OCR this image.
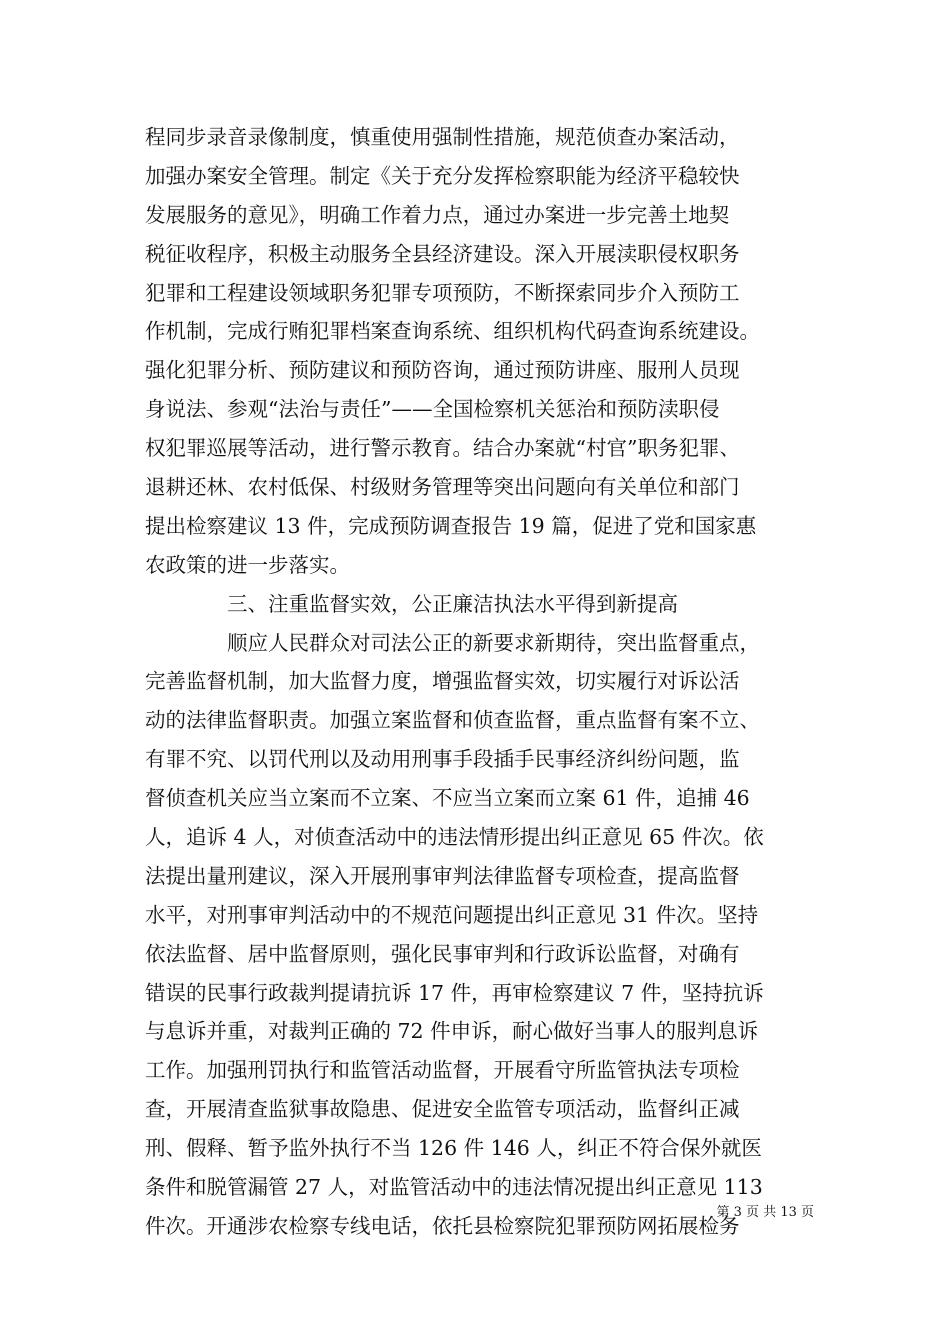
程同步录音录像制度，慎重使用强制性措施，规范侦查办案活动，
加强办案安全管理。制定《关于充分发挥检察职能为经济平稳较快
发展服务的意见》，明确工作着力点，通过办案进一步完善土地契
税征收程序，积极主动服务全县经济建设。深入开展渎职侵权职务
犯罪和工程建设领域职务犯罪专项预防，不断探索同步介入预防工
作机制，完成行贿犯罪档案查询系统、组织机构代码查询系统建设。
强化犯罪分析、预防建议和预防咨询，通过预防讲座、服刑人员现
身说法、参观“法治与责任”——全国检察机关惩治和预防渎职侵
权犯罪巡展等活动，进行警示教育。结合办案就“村官”职务犯罪、
退耕还林、农村低保、村级财务管理等突出问题向有关单位和部门
提出检察建议 13 件，完成预防调查报告 19 篇，促进了党和国家惠
农政策的进一步落实。
三、注重监督实效，公正廉洁执法水平得到新提高
顺应人民群众对司法公正的新要求新期待，突出监督重点，
完善监督机制，加大监督力度，增强监督实效，切实履行对诉讼活
动的法律监督职责。加强立案监督和侦查监督，重点监督有案不立、
有罪不究、以罚代刑以及动用刑事手段插手民事经济纠纷问题，监
督侦查机关应当立案而不立案、不应当立案而立案 61 件，追捕 46
人，追诉 4 人，对侦查活动中的违法情形提出纠正意见 65 件次。依
法提出量刑建议，深入开展刑事审判法律监督专项检查，提高监督
水平，对刑事审判活动中的不规范问题提出纠正意见 31 件次。坚持
依法监督、居中监督原则，强化民事审判和行政诉讼监督，对确有
错误的民事行政裁判提请抗诉 17 件，再审检察建议 7 件，坚持抗诉
与息诉并重，对裁判正确的 72 件申诉，耐心做好当事人的服判息诉
工作。加强刑罚执行和监管活动监督，开展看守所监管执法专项检
查，开展清查监狱事故隐患、促进安全监管专项活动，监督纠正减
刑、假释、暂予监外执行不当 126 件 146 人，纠正不符合保外就医
条件和脱管漏管 27 人，对监管活动中的违法情况提出纠正意见 113
件次。开通涉农检察专线电话，依托县检察院犯罪预防网拓展检务
第 3 页 共 13 页
